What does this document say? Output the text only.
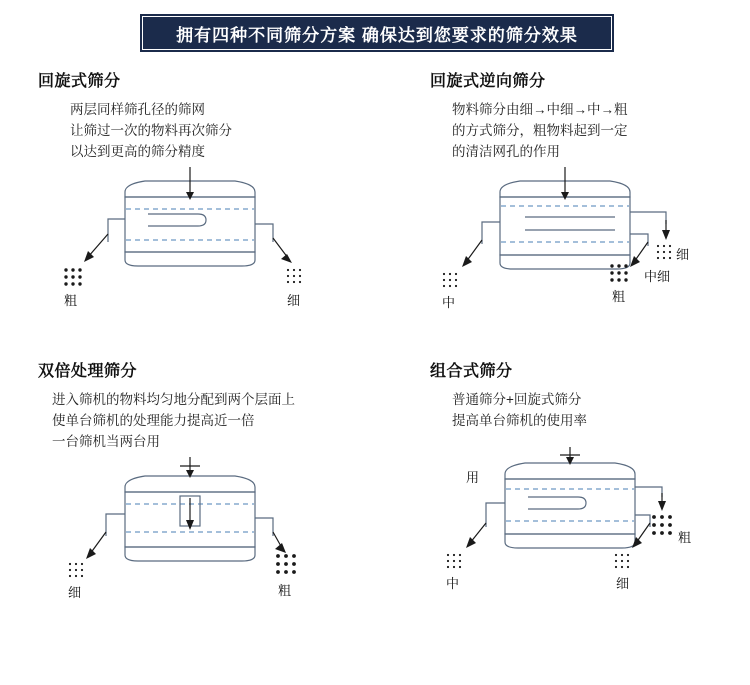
拥有四种不同筛分方案 确保达到您要求的筛分效果
回旋式筛分
两层同样筛孔径的筛网
让筛过一次的物料再次筛分
以达到更高的筛分精度
粗	细
回旋式逆向筛分
物料筛分由细→中细→中→粗
的方式筛分，粗物料起到一定
的清洁网孔的作用
中	粗
细
中细
双倍处理筛分
进入筛机的物料均匀地分配到两个层面上
使单台筛机的处理能力提高近一倍
一台筛机当两台用
细	粗
组合式筛分
普通筛分+回旋式筛分
提高单台筛机的使用率
用
粗
中	细
